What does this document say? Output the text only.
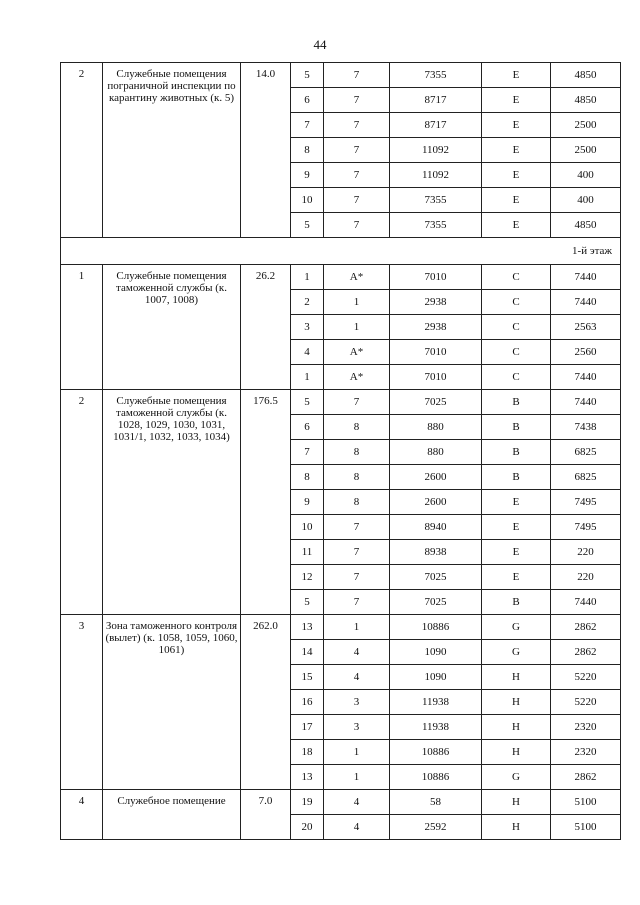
44
2	Служебные помещения пограничной инспекции по карантину животных (к. 5)	14.0	5	7	7355	E	4850
			6	7	8717	E	4850
			7	7	8717	E	2500
			8	7	11092	E	2500
			9	7	11092	E	400
			10	7	7355	E	400
			5	7	7355	E	4850
1-й этаж							
1	Служебные помещения таможенной службы (к. 1007, 1008)	26.2	1	A*	7010	C	7440
			2	1	2938	C	7440
			3	1	2938	C	2563
			4	A*	7010	C	2560
			1	A*	7010	C	7440
2	Служебные помещения таможенной службы (к. 1028, 1029, 1030, 1031, 1031/1, 1032, 1033, 1034)	176.5	5	7	7025	B	7440
			6	8	880	B	7438
			7	8	880	B	6825
			8	8	2600	B	6825
			9	8	2600	E	7495
			10	7	8940	E	7495
			11	7	8938	E	220
			12	7	7025	E	220
			5	7	7025	B	7440
3	Зона таможенного контроля (вылет) (к. 1058, 1059, 1060, 1061)	262.0	13	1	10886	G	2862
			14	4	1090	G	2862
			15	4	1090	H	5220
			16	3	11938	H	5220
			17	3	11938	H	2320
			18	1	10886	H	2320
			13	1	10886	G	2862
4	Служебное помещение	7.0	19	4	58	H	5100
			20	4	2592	H	5100
